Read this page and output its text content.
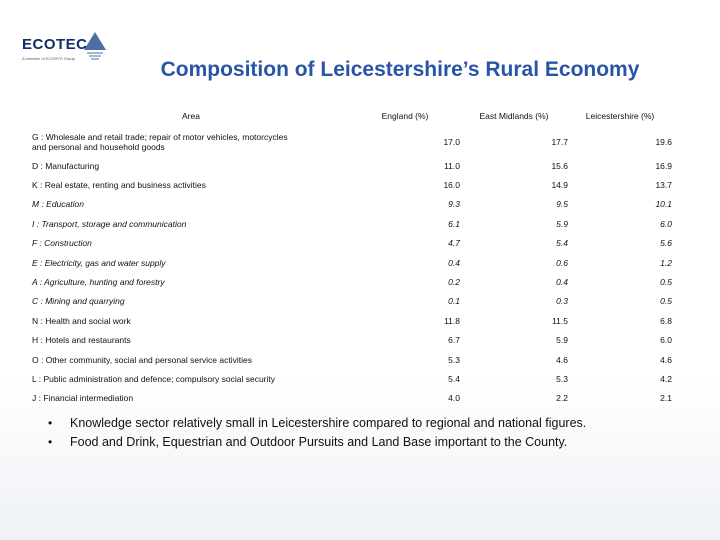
ECOTEC
A member of ECORYS Group	Composition of Leicestershire’s Rural Economy
Area	England (%)	East Midlands (%)	Leicestershire (%)

G : Wholesale and retail trade; repair of motor vehicles, motorcycles and personal and household goods	17.0	17.7	19.6
D : Manufacturing	11.0	15.6	16.9
K : Real estate, renting and business activities	16.0	14.9	13.7
M : Education	9.3	9.5	10.1
I : Transport, storage and communication	6.1	5.9	6.0
F : Construction	4.7	5.4	5.6
E : Electricity, gas and water supply	0.4	0.6	1.2
A : Agriculture, hunting and forestry	0.2	0.4	0.5
C : Mining and quarrying	0.1	0.3	0.5
N : Health and social work	11.8	11.5	6.8
H : Hotels and restaurants	6.7	5.9	6.0
O : Other community, social and personal service activities	5.3	4.6	4.6
L : Public administration and defence; compulsory social security	5.4	5.3	4.2
J : Financial intermediation	4.0	2.2	2.1
• Knowledge sector relatively small in Leicestershire compared to regional and national figures.
• Food and Drink, Equestrian and Outdoor Pursuits and Land Base important to the County.
